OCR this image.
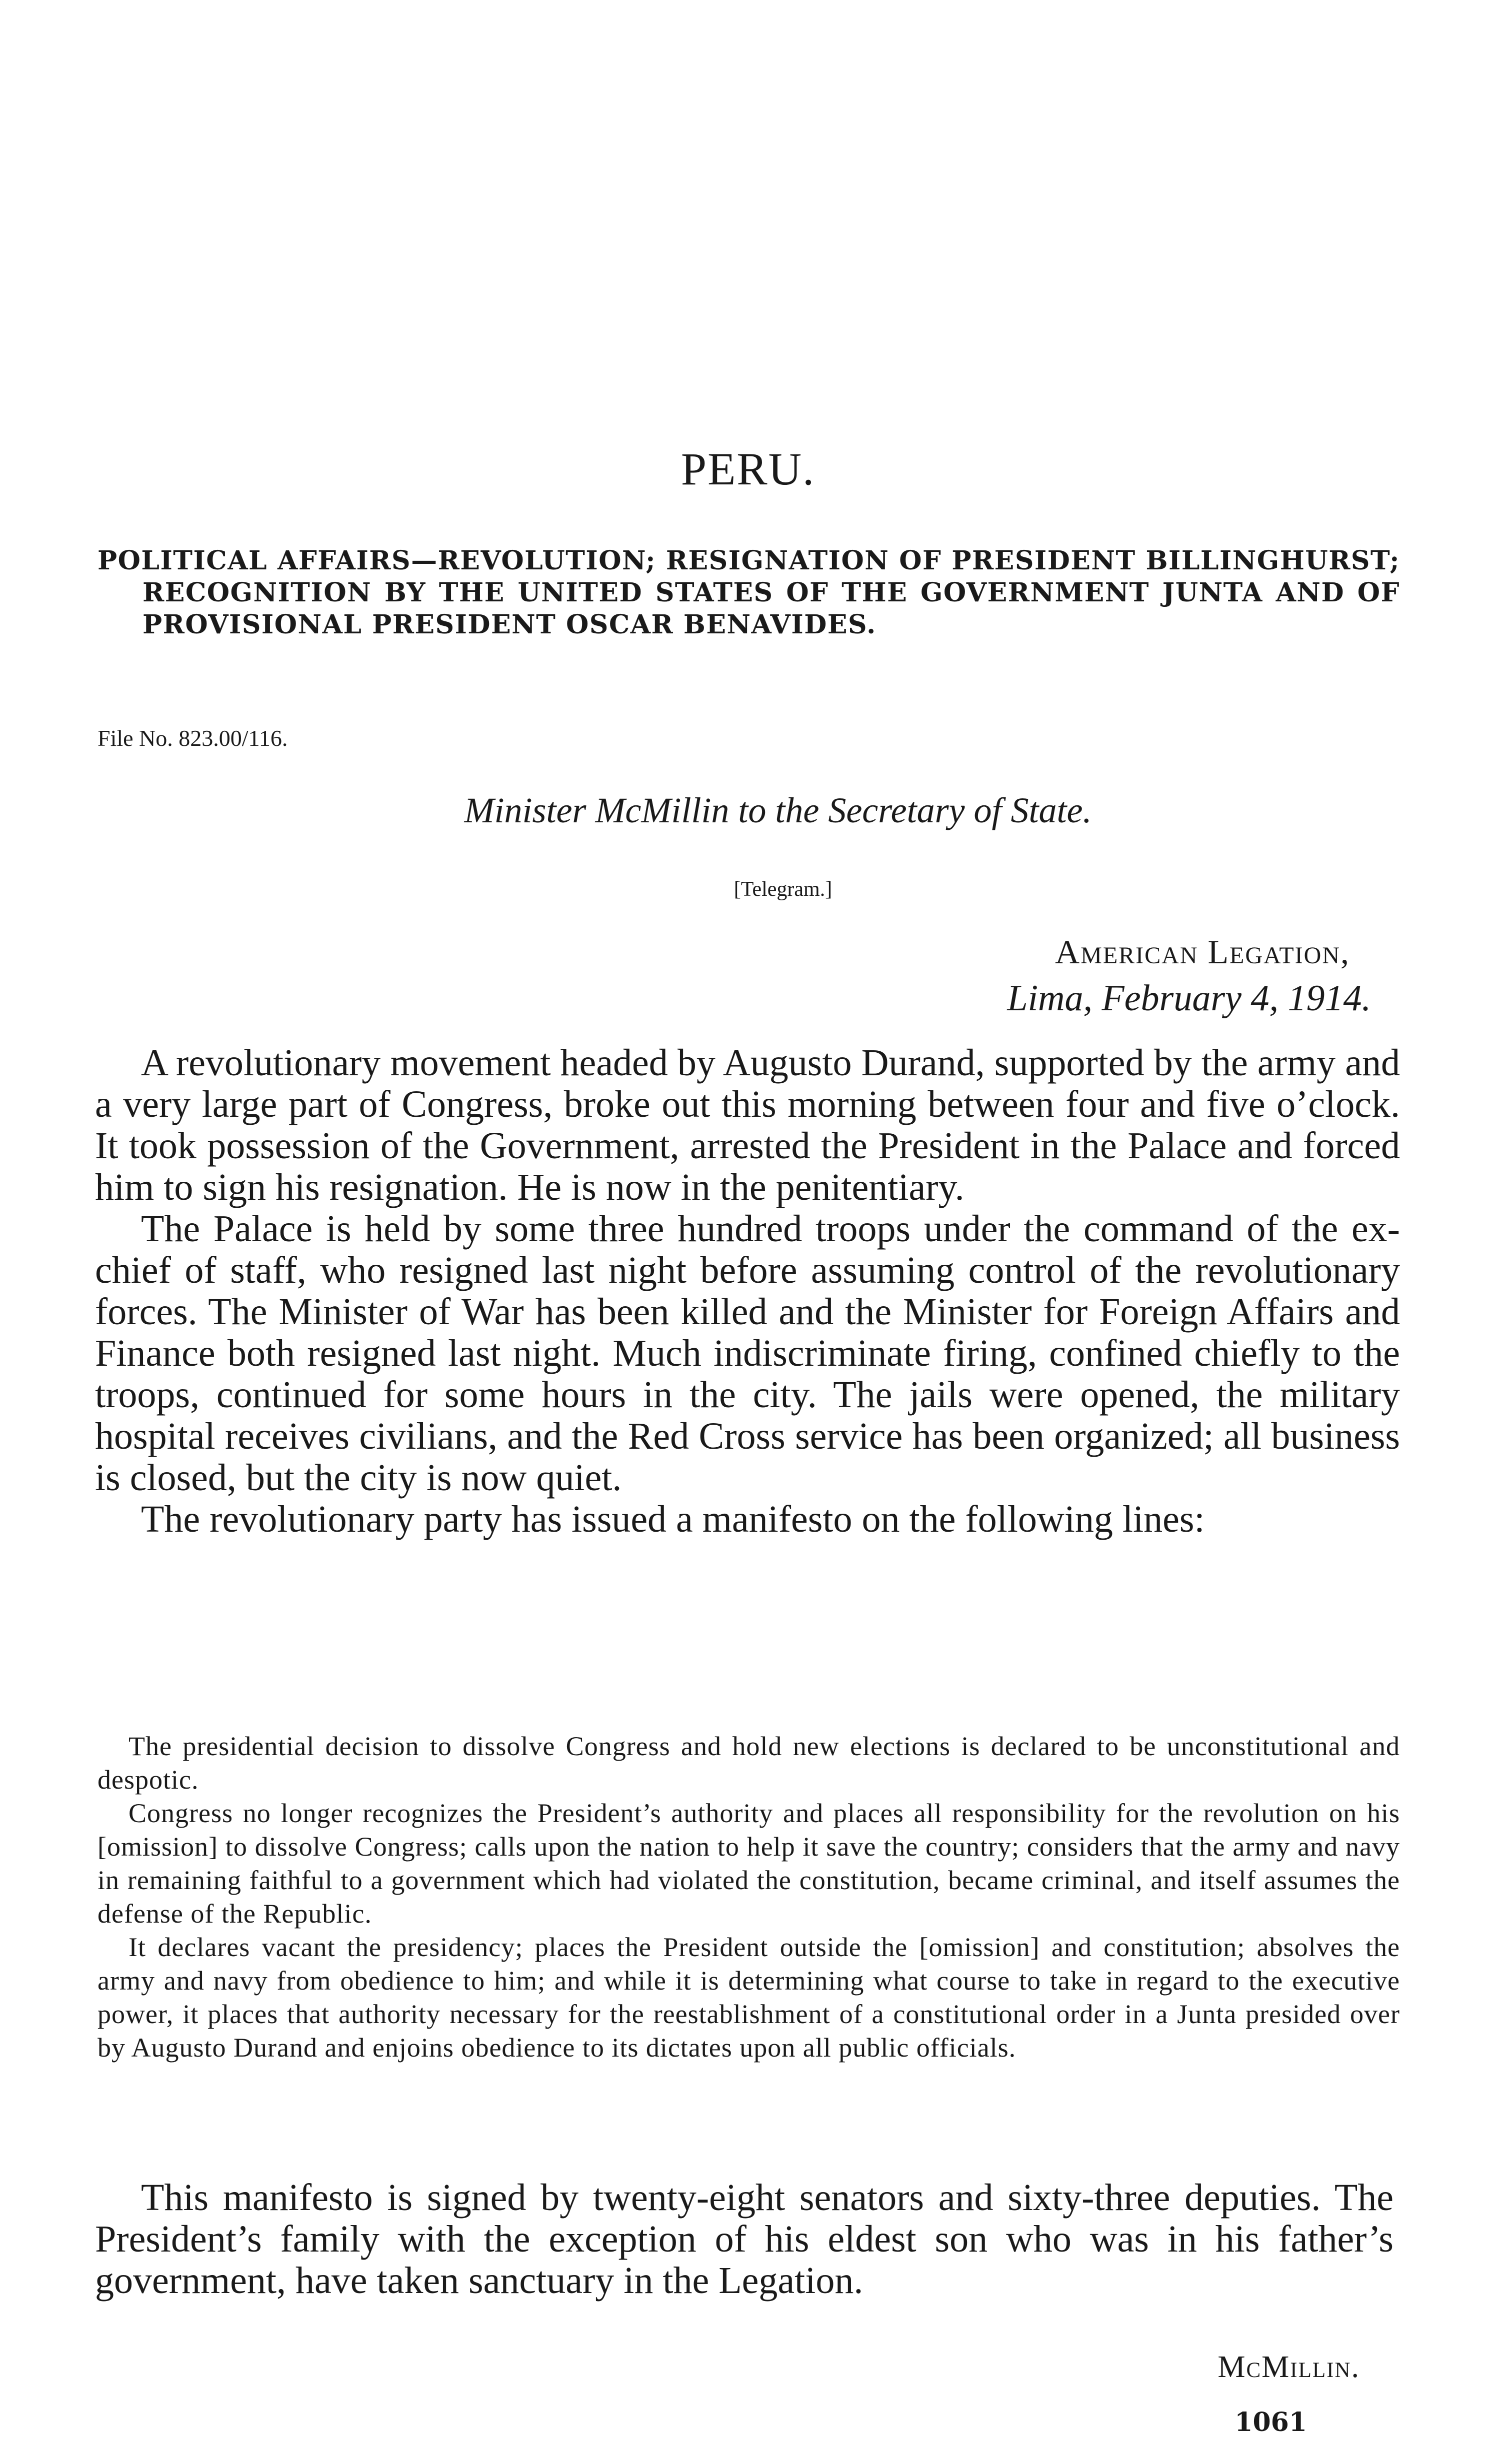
PERU.
POLITICAL AFFAIRS—REVOLUTION; RESIGNATION OF PRESIDENT BILLINGHURST; RECOGNITION BY THE UNITED STATES OF THE GOVERNMENT JUNTA AND OF PROVISIONAL PRESIDENT OSCAR BENAVIDES.
File No. 823.00/116.
Minister McMillin to the Secretary of State.
[Telegram.]
American Legation,
Lima, February 4, 1914.

A revolutionary movement headed by Augusto Durand, supported by the army and a very large part of Congress, broke out this morning between four and five o’clock. It took possession of the Government, arrested the President in the Palace and forced him to sign his resignation. He is now in the penitentiary.

The Palace is held by some three hundred troops under the command of the ex-chief of staff, who resigned last night before assuming control of the revolutionary forces. The Minister of War has been killed and the Minister for Foreign Affairs and Finance both resigned last night. Much indiscriminate firing, confined chiefly to the troops, continued for some hours in the city. The jails were opened, the military hospital receives civilians, and the Red Cross service has been organized; all business is closed, but the city is now quiet.

The revolutionary party has issued a manifesto on the following lines:

The presidential decision to dissolve Congress and hold new elections is declared to be unconstitutional and despotic.

Congress no longer recognizes the President’s authority and places all responsibility for the revolution on his [omission] to dissolve Congress; calls upon the nation to help it save the country; considers that the army and navy in remaining faithful to a government which had violated the constitution, became criminal, and itself assumes the defense of the Republic.

It declares vacant the presidency; places the President outside the [omission] and constitution; absolves the army and navy from obedience to him; and while it is determining what course to take in regard to the executive power, it places that authority necessary for the reestablishment of a constitutional order in a Junta presided over by Augusto Durand and enjoins obedience to its dictates upon all public officials.

This manifesto is signed by twenty-eight senators and sixty-three deputies. The President’s family with the exception of his eldest son who was in his father’s government, have taken sanctuary in the Legation.

McMillin.
1061
